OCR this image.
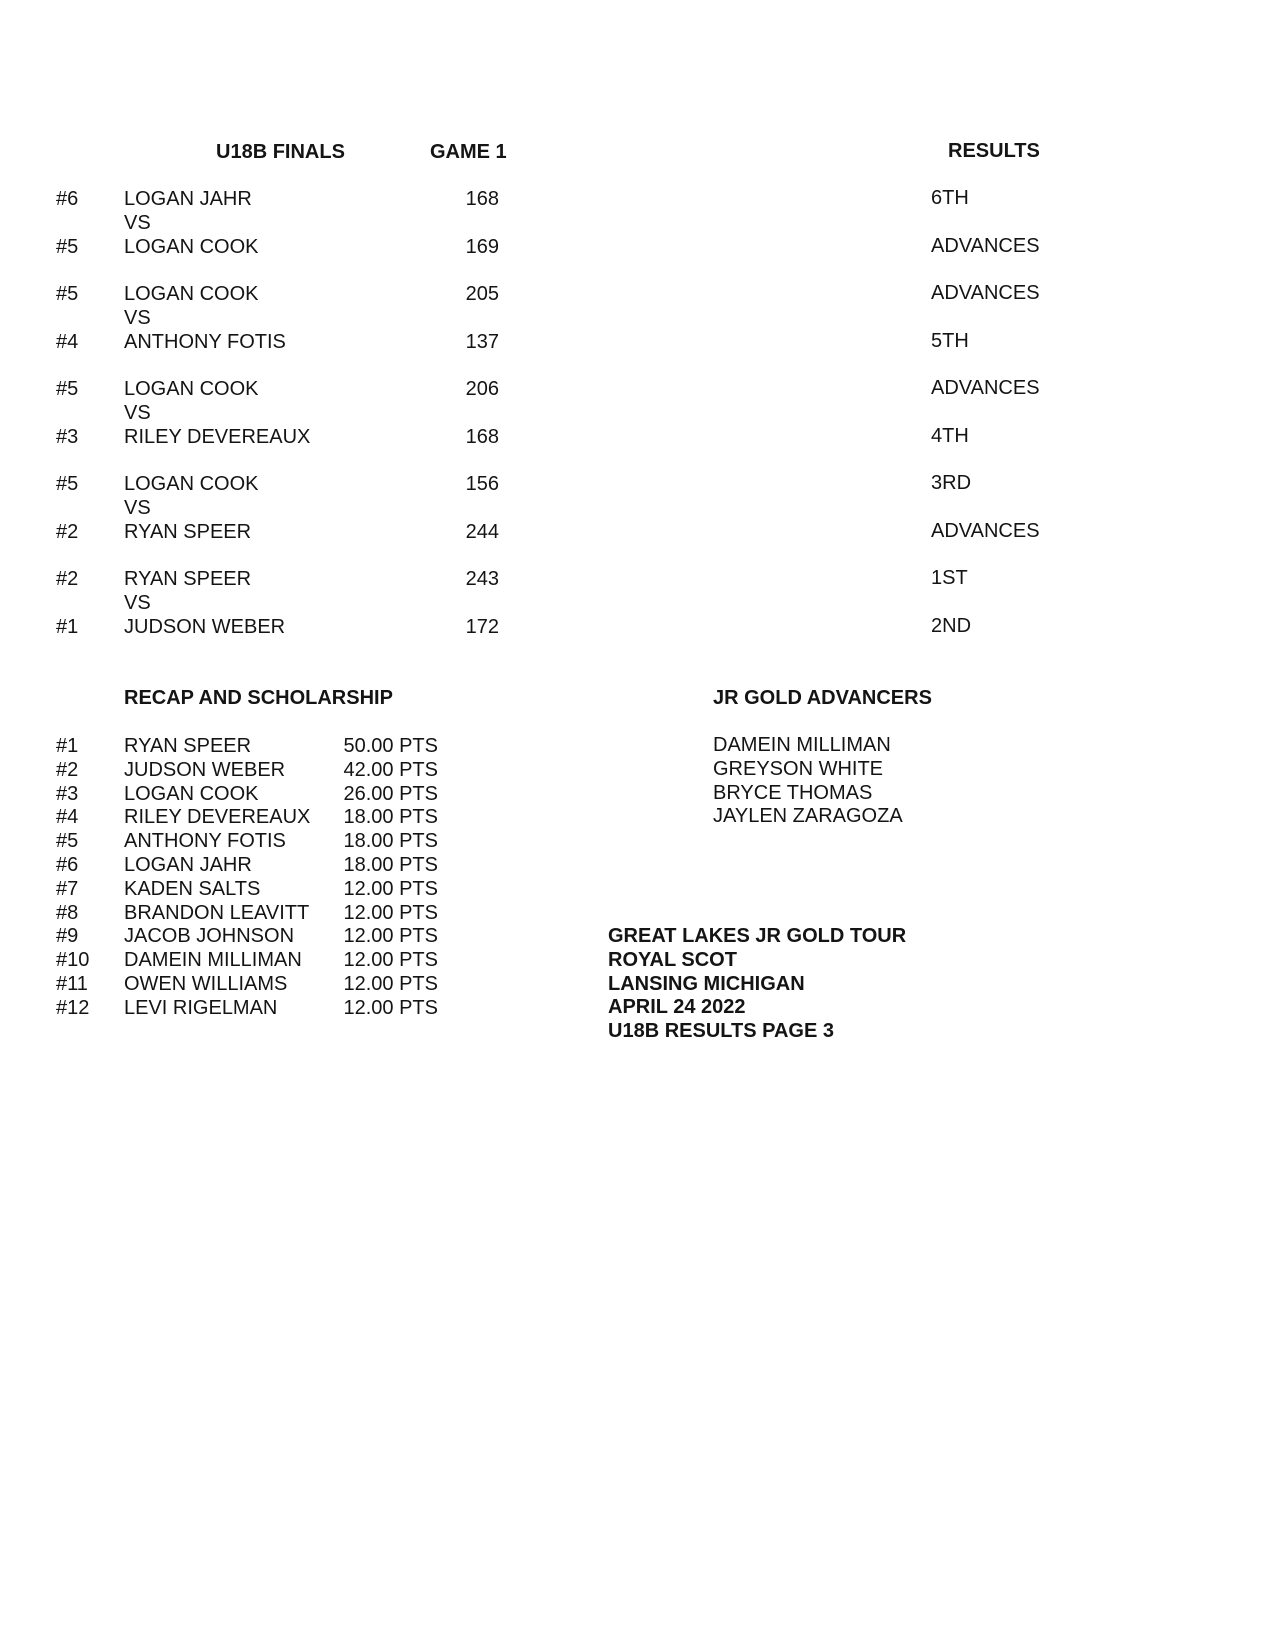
U18B FINALS	GAME 1	RESULTS
#6 LOGAN JAHR	168	6TH
#5 LOGAN COOK	169	ADVANCES
VS
#5 LOGAN COOK	205	ADVANCES
#4 ANTHONY FOTIS	137	5TH
VS
#5 LOGAN COOK	206	ADVANCES
#3 RILEY DEVEREAUX	168	4TH
VS
#5 LOGAN COOK	156	3RD
#2 RYAN SPEER	244	ADVANCES
VS
#2 RYAN SPEER	243	1ST
#1 JUDSON WEBER	172	2ND
VS
RECAP AND SCHOLARSHIP
#1 RYAN SPEER	50.00 PTS
#2 JUDSON WEBER	42.00 PTS
#3 LOGAN COOK	26.00 PTS
#4 RILEY DEVEREAUX	18.00 PTS
#5 ANTHONY FOTIS	18.00 PTS
#6 LOGAN JAHR	18.00 PTS
#7 KADEN SALTS	12.00 PTS
#8 BRANDON LEAVITT	12.00 PTS
#9 JACOB JOHNSON	12.00 PTS
#10 DAMEIN MILLIMAN	12.00 PTS
#11 OWEN WILLIAMS	12.00 PTS
#12 LEVI RIGELMAN	12.00 PTS
JR GOLD ADVANCERS
DAMEIN MILLIMAN
GREYSON WHITE
BRYCE THOMAS
JAYLEN ZARAGOZA
GREAT LAKES JR GOLD TOUR
ROYAL SCOT
LANSING MICHIGAN
APRIL 24 2022
U18B RESULTS PAGE 3
